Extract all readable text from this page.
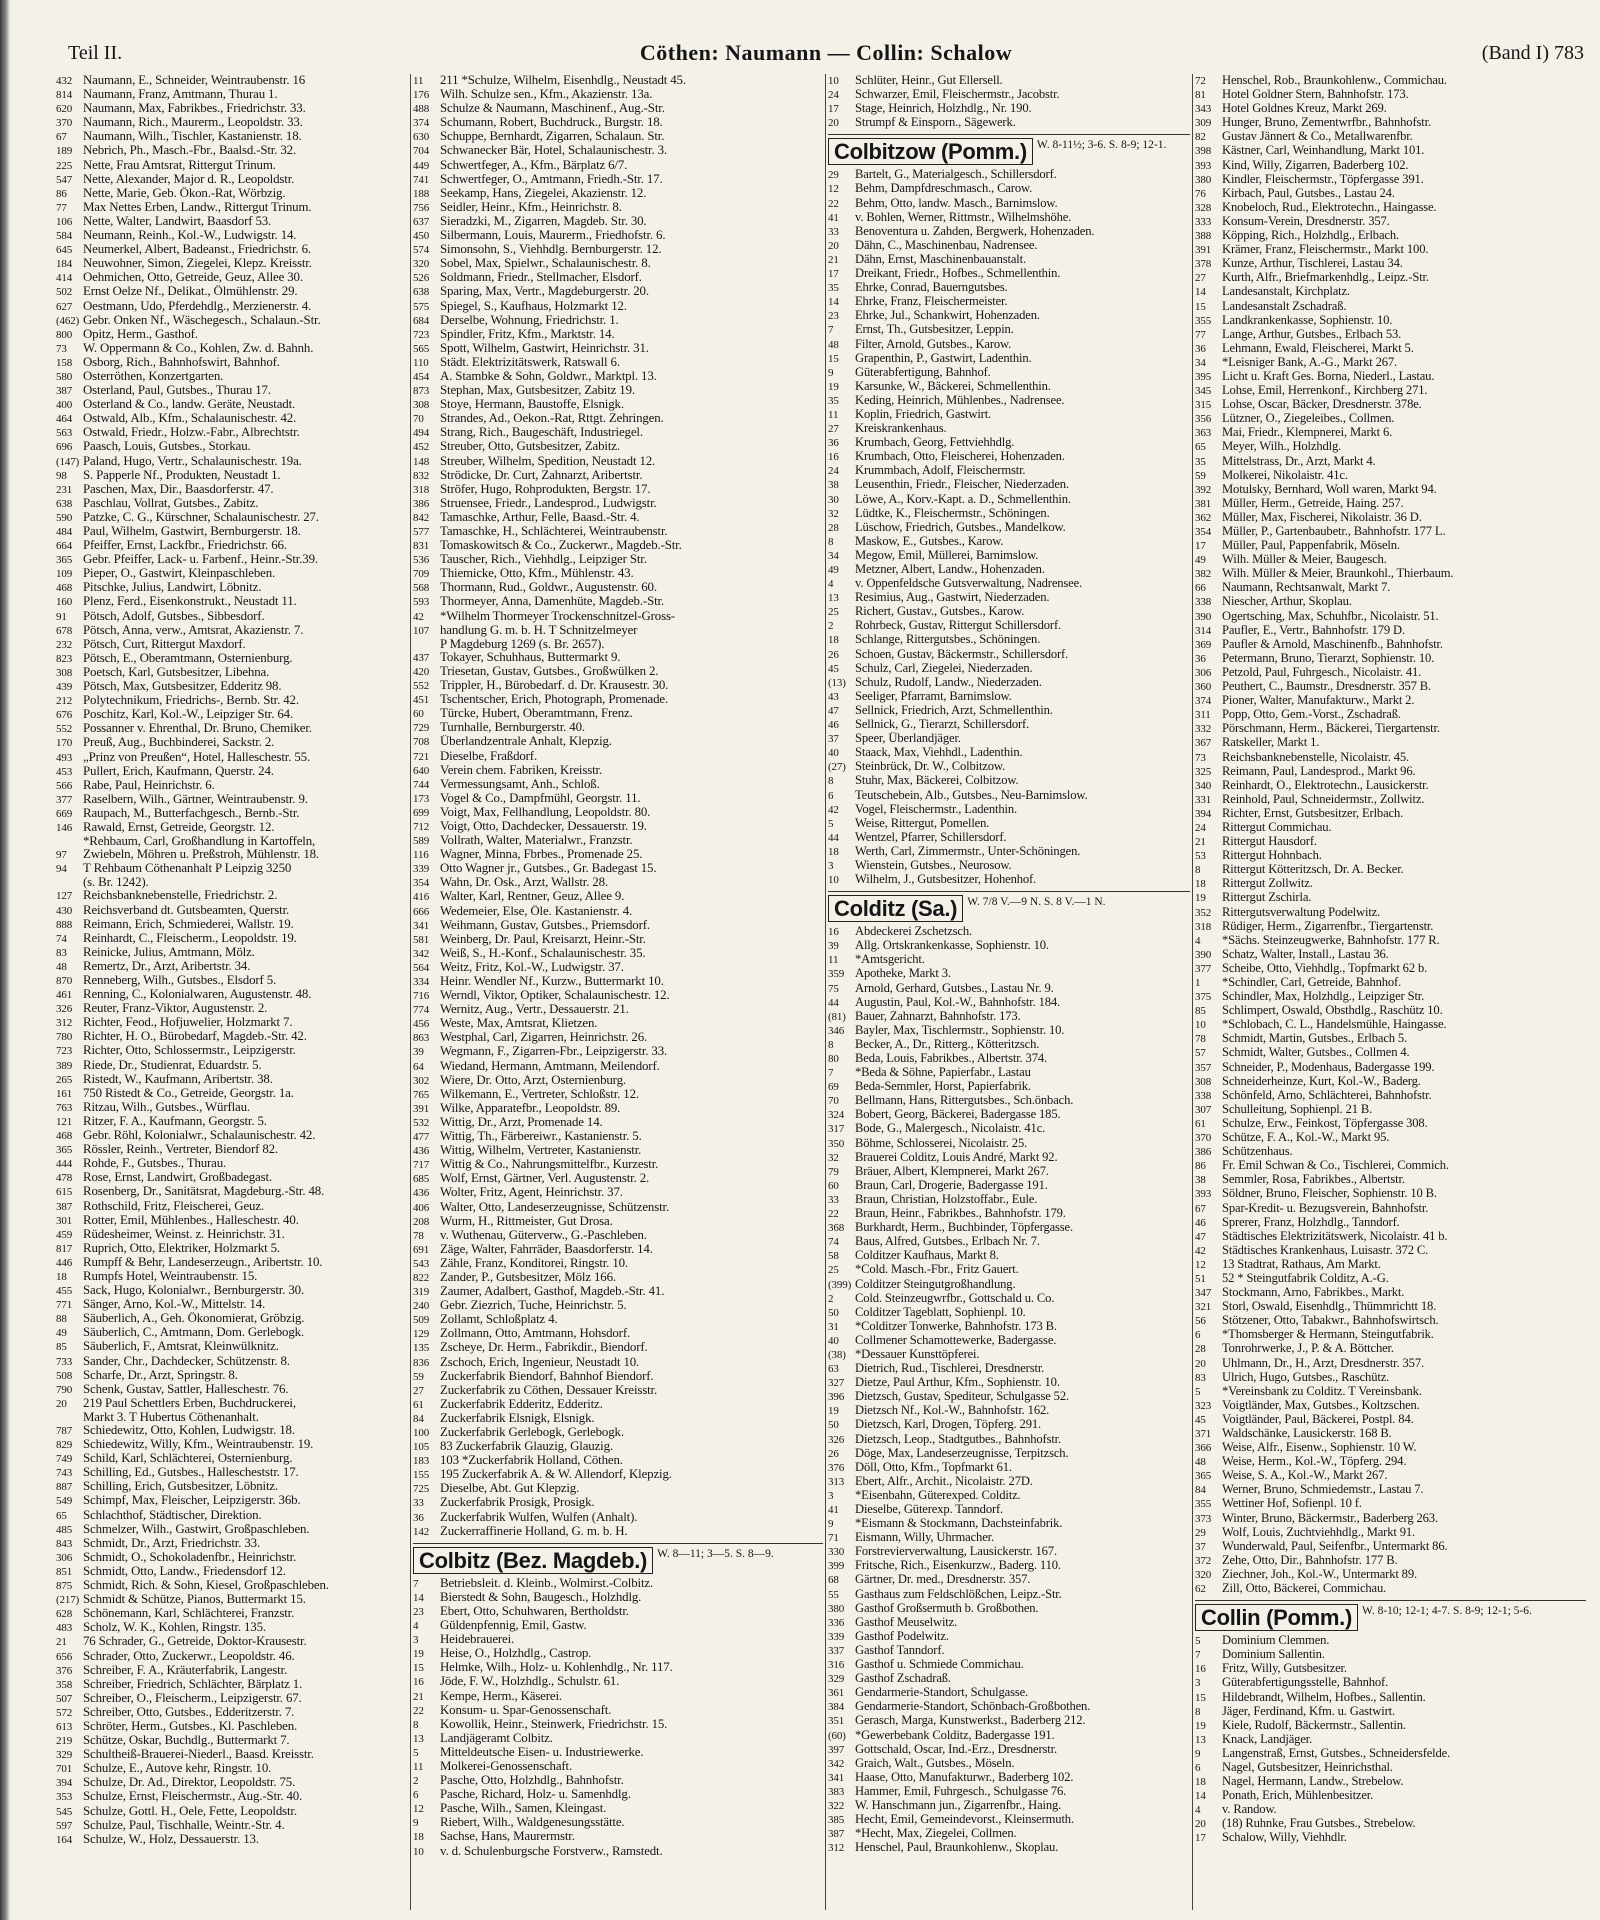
Teil II.	Cöthen: Naumann — Collin: Schalow	(Band I) 783
432 Naumann, E., Schneider, Weintraubenstr. 16
814 Naumann, Franz, Amtmann, Thurau 1.
620 Naumann, Max, Fabrikbes., Friedrichstr. 33.
370 Naumann, Rich., Maurerm., Leopoldstr. 33.
67 Naumann, Wilh., Tischler, Kastanienstr. 18.
189 Nebrich, Ph., Masch.-Fbr., Baalsd.-Str. 32.
225 Nette, Frau Amtsrat, Rittergut Trinum.
547 Nette, Alexander, Major d. R., Leopoldstr.
86 Nette, Marie, Geb. Ökon.-Rat, Wörbzig.
77 Max Nettes Erben, Landw., Rittergut Trinum.
106 Nette, Walter, Landwirt, Baasdorf 53.
584 Neumann, Reinh., Kol.-W., Ludwigstr. 14.
645 Neumerkel, Albert, Badeanst., Friedrichstr. 6.
184 Neuwohner, Simon, Ziegelei, Klepz. Kreisstr.
414 Oehmichen, Otto, Getreide, Geuz, Allee 30.
502 Ernst Oelze Nf., Delikat., Ölmühlenstr. 29.
627 Oestmann, Udo, Pferdehdlg., Merzienerstr. 4.
(462) Gebr. Onken Nf., Wäschegesch., Schalaun.-Str.
800 Opitz, Herm., Gasthof.
73 W. Oppermann & Co., Kohlen, Zw. d. Bahnh.
158 Osborg, Rich., Bahnhofswirt, Bahnhof.
580 Osterröthen, Konzertgarten.
387 Osterland, Paul, Gutsbes., Thurau 17.
400 Osterland & Co., landw. Geräte, Neustadt.
464 Ostwald, Alb., Kfm., Schalaunischestr. 42.
563 Ostwald, Friedr., Holzw.-Fabr., Albrechtstr.
696 Paasch, Louis, Gutsbes., Storkau.
(147) Paland, Hugo, Vertr., Schalaunischestr. 19a.
98 S. Papperle Nf., Produkten, Neustadt 1.
231 Paschen, Max, Dir., Baasdorferstr. 47.
638 Paschlau, Vollrat, Gutsbes., Zabitz.
590 Patzke, C. G., Kürschner, Schalaunischestr. 27.
484 Paul, Wilhelm, Gastwirt, Bernburgerstr. 18.
664 Pfeiffer, Ernst, Lackfbr., Friedrichstr. 66.
365 Gebr. Pfeiffer, Lack- u. Farbenf., Heinr.-Str.39.
109 Pieper, O., Gastwirt, Kleinpaschleben.
468 Pitschke, Julius, Landwirt, Löbnitz.
160 Plenz, Ferd., Eisenkonstrukt., Neustadt 11.
91 Pötsch, Adolf, Gutsbes., Sibbesdorf.
678 Pötsch, Anna, verw., Amtsrat, Akazienstr. 7.
232 Pötsch, Curt, Rittergut Maxdorf.
823 Pötsch, E., Oberamtmann, Osternienburg.
308 Poetsch, Karl, Gutsbesitzer, Libehna.
439 Pötsch, Max, Gutsbesitzer, Edderitz 98.
212 Polytechnikum, Friedrichs-, Bernb. Str. 42.
676 Poschitz, Karl, Kol.-W., Leipziger Str. 64.
552 Possanner v. Ehrenthal, Dr. Bruno, Chemiker.
170 Preuß, Aug., Buchbinderei, Sackstr. 2.
493 „Prinz von Preußen“, Hotel, Halleschestr. 55.
453 Pullert, Erich, Kaufmann, Querstr. 24.
566 Rabe, Paul, Heinrichstr. 6.
377 Raselbern, Wilh., Gärtner, Weintraubenstr. 9.
669 Raupach, M., Butterfachgesch., Bernb.-Str.
146 Rawald, Ernst, Getreide, Georgstr. 12.
*Rehbaum, Carl, Großhandlung in Kartoffeln,
97 Zwiebeln, Möhren u. Preßstroh, Mühlenstr. 18.
94 T Rehbaum Cöthenanhalt P Leipzig 3250
(s. Br. 1242).
127 Reichsbanknebenstelle, Friedrichstr. 2.
430 Reichsverband dt. Gutsbeamten, Querstr.
888 Reimann, Erich, Schmiederei, Wallstr. 19.
74 Reinhardt, C., Fleischerm., Leopoldstr. 19.
83 Reinicke, Julius, Amtmann, Mölz.
48 Remertz, Dr., Arzt, Aribertstr. 34.
870 Renneberg, Wilh., Gutsbes., Elsdorf 5.
461 Renning, C., Kolonialwaren, Augustenstr. 48.
326 Reuter, Franz-Viktor, Augustenstr. 2.
312 Richter, Feod., Hofjuwelier, Holzmarkt 7.
780 Richter, H. O., Bürobedarf, Magdeb.-Str. 42.
723 Richter, Otto, Schlossermstr., Leipzigerstr.
389 Riede, Dr., Studienrat, Eduardstr. 5.
265 Ristedt, W., Kaufmann, Aribertstr. 38.
161 750 Ristedt & Co., Getreide, Georgstr. 1a.
763 Ritzau, Wilh., Gutsbes., Würflau.
121 Ritzer, F. A., Kaufmann, Georgstr. 5.
468 Gebr. Röhl, Kolonialwr., Schalaunischestr. 42.
365 Rössler, Reinh., Vertreter, Biendorf 82.
444 Rohde, F., Gutsbes., Thurau.
478 Rose, Ernst, Landwirt, Großbadegast.
615 Rosenberg, Dr., Sanitätsrat, Magdeburg.-Str. 48.
387 Rothschild, Fritz, Fleischerei, Geuz.
301 Rotter, Emil, Mühlenbes., Halleschestr. 40.
459 Rüdesheimer, Weinst. z. Heinrichstr. 31.
817 Ruprich, Otto, Elektriker, Holzmarkt 5.
446 Rumpff & Behr, Landeserzeugn., Aribertstr. 10.
18 Rumpfs Hotel, Weintraubenstr. 15.
455 Sack, Hugo, Kolonialwr., Bernburgerstr. 30.
771 Sänger, Arno, Kol.-W., Mittelstr. 14.
88 Säuberlich, A., Geh. Ökonomierat, Gröbzig.
49 Säuberlich, C., Amtmann, Dom. Gerlebogk.
85 Säuberlich, F., Amtsrat, Kleinwülknitz.
733 Sander, Chr., Dachdecker, Schützenstr. 8.
508 Scharfe, Dr., Arzt, Springstr. 8.
790 Schenk, Gustav, Sattler, Halleschestr. 76.
20 219 Paul Schettlers Erben, Buchdruckerei,
Markt 3. T Hubertus Cöthenanhalt.
787 Schiedewitz, Otto, Kohlen, Ludwigstr. 18.
829 Schiedewitz, Willy, Kfm., Weintraubenstr. 19.
749 Schild, Karl, Schlächterei, Osternienburg.
743 Schilling, Ed., Gutsbes., Hallescheststr. 17.
887 Schilling, Erich, Gutsbesitzer, Löbnitz.
549 Schimpf, Max, Fleischer, Leipzigerstr. 36b.
65 Schlachthof, Städtischer, Direktion.
485 Schmelzer, Wilh., Gastwirt, Großpaschleben.
843 Schmidt, Dr., Arzt, Friedrichstr. 33.
306 Schmidt, O., Schokoladenfbr., Heinrichstr.
851 Schmidt, Otto, Landw., Friedensdorf 12.
875 Schmidt, Rich. & Sohn, Kiesel, Großpaschleben.
(217) Schmidt & Schütze, Pianos, Buttermarkt 15.
628 Schönemann, Karl, Schlächterei, Franzstr.
483 Scholz, W. K., Kohlen, Ringstr. 135.
21 76 Schrader, G., Getreide, Doktor-Krausestr.
656 Schrader, Otto, Zuckerwr., Leopoldstr. 46.
376 Schreiber, F. A., Kräuterfabrik, Langestr.
358 Schreiber, Friedrich, Schlächter, Bärplatz 1.
507 Schreiber, O., Fleischerm., Leipzigerstr. 67.
572 Schreiber, Otto, Gutsbes., Edderitzerstr. 7.
613 Schröter, Herm., Gutsbes., Kl. Paschleben.
219 Schütze, Oskar, Buchdlg., Buttermarkt 7.
329 Schultheiß-Brauerei-Niederl., Baasd. Kreisstr.
701 Schulze, E., Autove kehr, Ringstr. 10.
394 Schulze, Dr. Ad., Direktor, Leopoldstr. 75.
353 Schulze, Ernst, Fleischermstr., Aug.-Str. 40.
545 Schulze, Gottl. H., Oele, Fette, Leopoldstr.
597 Schulze, Paul, Tischhalle, Weintr.-Str. 4.
164 Schulze, W., Holz, Dessauerstr. 13.
11 211 *Schulze, Wilhelm, Eisenhdlg., Neustadt 45.
176 Wilh. Schulze sen., Kfm., Akazienstr. 13a.
488 Schulze & Naumann, Maschinenf., Aug.-Str.
374 Schumann, Robert, Buchdruck., Burgstr. 18.
630 Schuppe, Bernhardt, Zigarren, Schalaun. Str.
704 Schwanecker Bär, Hotel, Schalaunischestr. 3.
449 Schwertfeger, A., Kfm., Bärplatz 6/7.
741 Schwertfeger, O., Amtmann, Friedh.-Str. 17.
188 Seekamp, Hans, Ziegelei, Akazienstr. 12.
756 Seidler, Heinr., Kfm., Heinrichstr. 8.
637 Sieradzki, M., Zigarren, Magdeb. Str. 30.
450 Silbermann, Louis, Maurerm., Friedhofstr. 6.
574 Simonsohn, S., Viehhdlg. Bernburgerstr. 12.
320 Sobel, Max, Spielwr., Schalaunischestr. 8.
526 Soldmann, Friedr., Stellmacher, Elsdorf.
638 Sparing, Max, Vertr., Magdeburgerstr. 20.
575 Spiegel, S., Kaufhaus, Holzmarkt 12.
684 Derselbe, Wohnung, Friedrichstr. 1.
723 Spindler, Fritz, Kfm., Marktstr. 14.
565 Spott, Wilhelm, Gastwirt, Heinrichstr. 31.
110 Städt. Elektrizitätswerk, Ratswall 6.
454 A. Stambke & Sohn, Goldwr., Marktpl. 13.
873 Stephan, Max, Gutsbesitzer, Zabitz 19.
308 Stoye, Hermann, Baustoffe, Elsnigk.
70 Strandes, Ad., Oekon.-Rat, Rttgt. Zehringen.
494 Strang, Rich., Baugeschäft, Industriegel.
452 Streuber, Otto, Gutsbesitzer, Zabitz.
148 Streuber, Wilhelm, Spedition, Neustadt 12.
832 Strödicke, Dr. Curt, Zahnarzt, Aribertstr.
318 Ströfer, Hugo, Rohprodukten, Bergstr. 17.
386 Struensee, Friedr., Landesprod., Ludwigstr.
842 Tamaschke, Arthur, Felle, Baasd.-Str. 4.
577 Tamaschke, H., Schlächterei, Weintraubenstr.
831 Tomaskowitsch & Co., Zuckerwr., Magdeb.-Str.
536 Tauscher, Rich., Viehhdlg., Leipziger Str.
709 Thiemicke, Otto, Kfm., Mühlenstr. 43.
568 Thormann, Rud., Goldwr., Augustenstr. 60.
593 Thormeyer, Anna, Damenhüte, Magdeb.-Str.
42 *Wilhelm Thormeyer Trockenschnitzel-Gross-
107 handlung G. m. b. H. T Schnitzelmeyer
P Magdeburg 1269 (s. Br. 2657).
437 Tokayer, Schuhhaus, Buttermarkt 9.
420 Triesetan, Gustav, Gutsbes., Großwülken 2.
552 Trippler, H., Bürobedarf. d. Dr. Krausestr. 30.
451 Tschentscher, Erich, Photograph, Promenade.
60 Türcke, Hubert, Oberamtmann, Frenz.
729 Turnhalle, Bernburgerstr. 40.
708 Überlandzentrale Anhalt, Klepzig.
721 Dieselbe, Fraßdorf.
640 Verein chem. Fabriken, Kreisstr.
744 Vermessungsamt, Anh., Schloß.
173 Vogel & Co., Dampfmühl, Georgstr. 11.
699 Voigt, Max, Fellhandlung, Leopoldstr. 80.
712 Voigt, Otto, Dachdecker, Dessauerstr. 19.
589 Vollrath, Walter, Materialwr., Franzstr.
116 Wagner, Minna, Fbrbes., Promenade 25.
339 Otto Wagner jr., Gutsbes., Gr. Badegast 15.
354 Wahn, Dr. Osk., Arzt, Wallstr. 28.
416 Walter, Karl, Rentner, Geuz, Allee 9.
666 Wedemeier, Else, Öle. Kastanienstr. 4.
341 Weihmann, Gustav, Gutsbes., Priemsdorf.
581 Weinberg, Dr. Paul, Kreisarzt, Heinr.-Str.
342 Weiß, S., H.-Konf., Schalaunischestr. 35.
564 Weitz, Fritz, Kol.-W., Ludwigstr. 37.
334 Heinr. Wendler Nf., Kurzw., Buttermarkt 10.
716 Werndl, Viktor, Optiker, Schalaunischestr. 12.
774 Wernitz, Aug., Vertr., Dessauerstr. 21.
456 Weste, Max, Amtsrat, Klietzen.
863 Westphal, Carl, Zigarren, Heinrichstr. 26.
39 Wegmann, F., Zigarren-Fbr., Leipzigerstr. 33.
64 Wiedand, Hermann, Amtmann, Meilendorf.
302 Wiere, Dr. Otto, Arzt, Osternienburg.
765 Wilkemann, E., Vertreter, Schloßstr. 12.
391 Wilke, Apparatefbr., Leopoldstr. 89.
532 Wittig, Dr., Arzt, Promenade 14.
477 Wittig, Th., Färbereiwr., Kastanienstr. 5.
436 Wittig, Wilhelm, Vertreter, Kastanienstr.
717 Wittig & Co., Nahrungsmittelfbr., Kurzestr.
685 Wolf, Ernst, Gärtner, Verl. Augustenstr. 2.
436 Wolter, Fritz, Agent, Heinrichstr. 37.
406 Walter, Otto, Landeserzeugnisse, Schützenstr.
208 Wurm, H., Rittmeister, Gut Drosa.
78 v. Wuthenau, Güterverw., G.-Paschleben.
691 Zäge, Walter, Fahrräder, Baasdorferstr. 14.
543 Zähle, Franz, Konditorei, Ringstr. 10.
822 Zander, P., Gutsbesitzer, Mölz 166.
319 Zaumer, Adalbert, Gasthof, Magdeb.-Str. 41.
240 Gebr. Ziezrich, Tuche, Heinrichstr. 5.
509 Zollamt, Schloßplatz 4.
129 Zollmann, Otto, Amtmann, Hohsdorf.
135 Zscheye, Dr. Herm., Fabrikdir., Biendorf.
836 Zschoch, Erich, Ingenieur, Neustadt 10.
59 Zuckerfabrik Biendorf, Bahnhof Biendorf.
27 Zuckerfabrik zu Cöthen, Dessauer Kreisstr.
61 Zuckerfabrik Edderitz, Edderitz.
84 Zuckerfabrik Elsnigk, Elsnigk.
100 Zuckerfabrik Gerlebogk, Gerlebogk.
105 83 Zuckerfabrik Glauzig, Glauzig.
183 103 *Zuckerfabrik Holland, Cöthen.
155 195 Zuckerfabrik A. & W. Allendorf, Klepzig.
725 Dieselbe, Abt. Gut Klepzig.
33 Zuckerfabrik Prosigk, Prosigk.
36 Zuckerfabrik Wulfen, Wulfen (Anhalt).
142 Zuckerraffinerie Holland, G. m. b. H.
Colbitz (Bez. Magdeb.) W. 8—11; 3—5. S. 8—9.
7 Betriebsleit. d. Kleinb., Wolmirst.-Colbitz.
14 Bierstedt & Sohn, Baugesch., Holzhdlg.
23 Ebert, Otto, Schuhwaren, Bertholdstr.
4 Güldenpfennig, Emil, Gastw.
3 Heidebrauerei.
19 Heise, O., Holzhdlg., Castrop.
15 Helmke, Wilh., Holz- u. Kohlenhdlg., Nr. 117.
16 Jöde, F. W., Holzhdlg., Schulstr. 61.
21 Kempe, Herm., Käserei.
22 Konsum- u. Spar-Genossenschaft.
8 Kowollik, Heinr., Steinwerk, Friedrichstr. 15.
13 Landjägeramt Colbitz.
5 Mitteldeutsche Eisen- u. Industriewerke.
11 Molkerei-Genossenschaft.
2 Pasche, Otto, Holzhdlg., Bahnhofstr.
6 Pasche, Richard, Holz- u. Samenhdlg.
12 Pasche, Wilh., Samen, Kleingast.
9 Riebert, Wilh., Waldgenesungsstätte.
18 Sachse, Hans, Maurermstr.
10 v. d. Schulenburgsche Forstverw., Ramstedt.
10 Schlüter, Heinr., Gut Ellersell.
24 Schwarzer, Emil, Fleischermstr., Jacobstr.
17 Stage, Heinrich, Holzhdlg., Nr. 190.
20 Strumpf & Einsporn., Sägewerk.
Colbitzow (Pomm.) W. 8-11½; 3-6. S. 8-9; 12-1.
29 Bartelt, G., Materialgesch., Schillersdorf.
12 Behm, Dampfdreschmasch., Carow.
22 Behm, Otto, landw. Masch., Barnimslow.
41 v. Bohlen, Werner, Rittmstr., Wilhelmshöhe.
33 Benoventura u. Zahden, Bergwerk, Hohenzaden.
20 Dähn, C., Maschinenbau, Nadrensee.
21 Dähn, Ernst, Maschinenbauanstalt.
17 Dreikant, Friedr., Hofbes., Schmellenthin.
35 Ehrke, Conrad, Bauerngutsbes.
14 Ehrke, Franz, Fleischermeister.
23 Ehrke, Jul., Schankwirt, Hohenzaden.
7 Ernst, Th., Gutsbesitzer, Leppin.
48 Filter, Arnold, Gutsbes., Karow.
15 Grapenthin, P., Gastwirt, Ladenthin.
9 Güterabfertigung, Bahnhof.
19 Karsunke, W., Bäckerei, Schmellenthin.
35 Keding, Heinrich, Mühlenbes., Nadrensee.
11 Koplin, Friedrich, Gastwirt.
27 Kreiskrankenhaus.
36 Krumbach, Georg, Fettviehhdlg.
16 Krumbach, Otto, Fleischerei, Hohenzaden.
24 Krummbach, Adolf, Fleischermstr.
38 Leusenthin, Friedr., Fleischer, Niederzaden.
30 Löwe, A., Korv.-Kapt. a. D., Schmellenthin.
32 Lüdtke, K., Fleischermstr., Schöningen.
28 Lüschow, Friedrich, Gutsbes., Mandelkow.
8 Maskow, E., Gutsbes., Karow.
34 Megow, Emil, Müllerei, Barnimslow.
49 Metzner, Albert, Landw., Hohenzaden.
4 v. Oppenfeldsche Gutsverwaltung, Nadrensee.
13 Resimius, Aug., Gastwirt, Niederzaden.
25 Richert, Gustav., Gutsbes., Karow.
2 Rohrbeck, Gustav, Rittergut Schillersdorf.
18 Schlange, Rittergutsbes., Schöningen.
26 Schoen, Gustav, Bäckermstr., Schillersdorf.
45 Schulz, Carl, Ziegelei, Niederzaden.
(13) Schulz, Rudolf, Landw., Niederzaden.
43 Seeliger, Pfarramt, Barnimslow.
47 Sellnick, Friedrich, Arzt, Schmellenthin.
46 Sellnick, G., Tierarzt, Schillersdorf.
37 Speer, Überlandjäger.
40 Staack, Max, Viehhdl., Ladenthin.
(27) Steinbrück, Dr. W., Colbitzow.
8 Stuhr, Max, Bäckerei, Colbitzow.
6 Teutschebein, Alb., Gutsbes., Neu-Barnimslow.
42 Vogel, Fleischermstr., Ladenthin.
5 Weise, Rittergut, Pomellen.
44 Wentzel, Pfarrer, Schillersdorf.
18 Werth, Carl, Zimmermstr., Unter-Schöningen.
3 Wienstein, Gutsbes., Neurosow.
10 Wilhelm, J., Gutsbesitzer, Hohenhof.
Colditz (Sa.) W. 7/8 V.—9 N. S. 8 V.—1 N.
16 Abdeckerei Zschetzsch.
39 Allg. Ortskrankenkasse, Sophienstr. 10.
11 *Amtsgericht.
359 Apotheke, Markt 3.
75 Arnold, Gerhard, Gutsbes., Lastau Nr. 9.
44 Augustin, Paul, Kol.-W., Bahnhofstr. 184.
(81) Bauer, Zahnarzt, Bahnhofstr. 173.
346 Bayler, Max, Tischlermstr., Sophienstr. 10.
8 Becker, A., Dr., Ritterg., Kötteritzsch.
80 Beda, Louis, Fabrikbes., Albertstr. 374.
7 *Beda & Söhne, Papierfabr., Lastau
69 Beda-Semmler, Horst, Papierfabrik.
70 Bellmann, Hans, Rittergutsbes., Sch.önbach.
324 Bobert, Georg, Bäckerei, Badergasse 185.
317 Bode, G., Malergesch., Nicolaistr. 41c.
350 Böhme, Schlosserei, Nicolaistr. 25.
32 Brauerei Colditz, Louis André, Markt 92.
79 Bräuer, Albert, Klempnerei, Markt 267.
60 Braun, Carl, Drogerie, Badergasse 191.
33 Braun, Christian, Holzstoffabr., Eule.
22 Braun, Heinr., Fabrikbes., Bahnhofstr. 179.
368 Burkhardt, Herm., Buchbinder, Töpfergasse.
74 Baus, Alfred, Gutsbes., Erlbach Nr. 7.
58 Colditzer Kaufhaus, Markt 8.
25 *Cold. Masch.-Fbr., Fritz Gauert.
(399) Colditzer Steingutgroßhandlung.
2 Cold. Steinzeugwrfbr., Gottschald u. Co.
50 Colditzer Tageblatt, Sophienpl. 10.
31 *Colditzer Tonwerke, Bahnhofstr. 173 B.
40 Collmener Schamottewerke, Badergasse.
(38) *Dessauer Kunsttöpferei.
63 Dietrich, Rud., Tischlerei, Dresdnerstr.
327 Dietze, Paul Arthur, Kfm., Sophienstr. 10.
396 Dietzsch, Gustav, Spediteur, Schulgasse 52.
19 Dietzsch Nf., Kol.-W., Bahnhofstr. 162.
50 Dietzsch, Karl, Drogen, Töpferg. 291.
326 Dietzsch, Leop., Stadtgutbes., Bahnhofstr.
26 Döge, Max, Landeserzeugnisse, Terpitzsch.
376 Döll, Otto, Kfm., Topfmarkt 61.
313 Ebert, Alfr., Archit., Nicolaistr. 27D.
3 *Eisenbahn, Güterexped. Colditz.
41 Dieselbe, Güterexp. Tanndorf.
9 *Eismann & Stockmann, Dachsteinfabrik.
71 Eismann, Willy, Uhrmacher.
330 Forstrevierverwaltung, Lausickerstr. 167.
399 Fritsche, Rich., Eisenkurzw., Baderg. 110.
68 Gärtner, Dr. med., Dresdnerstr. 357.
55 Gasthaus zum Feldschlößchen, Leipz.-Str.
380 Gasthof Großsermuth b. Großbothen.
336 Gasthof Meuselwitz.
339 Gasthof Podelwitz.
337 Gasthof Tanndorf.
316 Gasthof u. Schmiede Commichau.
329 Gasthof Zschadraß.
361 Gendarmerie-Standort, Schulgasse.
384 Gendarmerie-Standort, Schönbach-Großbothen.
351 Gerasch, Marga, Kunstwerkst., Baderberg 212.
(60) *Gewerbebank Colditz, Badergasse 191.
397 Gottschald, Oscar, Ind.-Erz., Dresdnerstr.
342 Graich, Walt., Gutsbes., Möseln.
341 Haase, Otto, Manufakturwr., Baderberg 102.
383 Hammer, Emil, Fuhrgesch., Schulgasse 76.
322 W. Hanschmann jun., Zigarrenfbr., Haing.
385 Hecht, Emil, Gemeindevorst., Kleinsermuth.
387 *Hecht, Max, Ziegelei, Collmen.
312 Henschel, Paul, Braunkohlenw., Skoplau.
72 Henschel, Rob., Braunkohlenw., Commichau.
81 Hotel Goldner Stern, Bahnhofstr. 173.
343 Hotel Goldnes Kreuz, Markt 269.
309 Hunger, Bruno, Zementwrfbr., Bahnhofstr.
82 Gustav Jännert & Co., Metallwarenfbr.
398 Kästner, Carl, Weinhandlung, Markt 101.
393 Kind, Willy, Zigarren, Baderberg 102.
380 Kindler, Fleischermstr., Töpfergasse 391.
76 Kirbach, Paul, Gutsbes., Lastau 24.
328 Knobeloch, Rud., Elektrotechn., Haingasse.
333 Konsum-Verein, Dresdnerstr. 357.
388 Köpping, Rich., Holzhdlg., Erlbach.
391 Krämer, Franz, Fleischermstr., Markt 100.
378 Kunze, Arthur, Tischlerei, Lastau 34.
27 Kurth, Alfr., Briefmarkenhdlg., Leipz.-Str.
14 Landesanstalt, Kirchplatz.
15 Landesanstalt Zschadraß.
355 Landkrankenkasse, Sophienstr. 10.
77 Lange, Arthur, Gutsbes., Erlbach 53.
36 Lehmann, Ewald, Fleischerei, Markt 5.
34 *Leisniger Bank, A.-G., Markt 267.
395 Licht u. Kraft Ges. Borna, Niederl., Lastau.
345 Lohse, Emil, Herrenkonf., Kirchberg 271.
315 Lohse, Oscar, Bäcker, Dresdnerstr. 378e.
356 Lützner, O., Ziegeleibes., Collmen.
363 Mai, Friedr., Klempnerei, Markt 6.
65 Meyer, Wilh., Holzhdlg.
35 Mittelstrass, Dr., Arzt, Markt 4.
59 Molkerei, Nikolaistr. 41c.
392 Motulsky, Bernhard, Woll waren, Markt 94.
381 Müller, Herm., Getreide, Haing. 257.
362 Müller, Max, Fischerei, Nikolaistr. 36 D.
354 Müller, P., Gartenbaubetr., Bahnhofstr. 177 L.
17 Müller, Paul, Pappenfabrik, Möseln.
49 Wilh. Müller & Meier, Baugesch.
382 Wilh. Müller & Meier, Braunkohl., Thierbaum.
66 Naumann, Rechtsanwalt, Markt 7.
338 Niescher, Arthur, Skoplau.
390 Ogertsching, Max, Schuhfbr., Nicolaistr. 51.
314 Paufler, E., Vertr., Bahnhofstr. 179 D.
369 Paufler & Arnold, Maschinenfb., Bahnhofstr.
36 Petermann, Bruno, Tierarzt, Sophienstr. 10.
306 Petzold, Paul, Fuhrgesch., Nicolaistr. 41.
360 Peuthert, C., Baumstr., Dresdnerstr. 357 B.
374 Pioner, Walter, Manufakturw., Markt 2.
311 Popp, Otto, Gem.-Vorst., Zschadraß.
332 Pörschmann, Herm., Bäckerei, Tiergartenstr.
367 Ratskeller, Markt 1.
73 Reichsbanknebenstelle, Nicolaistr. 45.
325 Reimann, Paul, Landesprod., Markt 96.
340 Reinhardt, O., Elektrotechn., Lausickerstr.
331 Reinhold, Paul, Schneidermstr., Zollwitz.
394 Richter, Ernst, Gutsbesitzer, Erlbach.
24 Rittergut Commichau.
21 Rittergut Hausdorf.
53 Rittergut Hohnbach.
8 Rittergut Kötteritzsch, Dr. A. Becker.
18 Rittergut Zollwitz.
19 Rittergut Zschirla.
352 Rittergutsverwaltung Podelwitz.
318 Rüdiger, Herm., Zigarrenfbr., Tiergartenstr.
4 *Sächs. Steinzeugwerke, Bahnhofstr. 177 R.
390 Schatz, Walter, Install., Lastau 36.
377 Scheibe, Otto, Viehhdlg., Topfmarkt 62 b.
1 *Schindler, Carl, Getreide, Bahnhof.
375 Schindler, Max, Holzhdlg., Leipziger Str.
85 Schlimpert, Oswald, Obsthdlg., Raschütz 10.
10 *Schlobach, C. L., Handelsmühle, Haingasse.
78 Schmidt, Martin, Gutsbes., Erlbach 5.
57 Schmidt, Walter, Gutsbes., Collmen 4.
357 Schneider, P., Modenhaus, Badergasse 199.
308 Schneiderheinze, Kurt, Kol.-W., Baderg.
338 Schönfeld, Arno, Schlächterei, Bahnhofstr.
307 Schulleitung, Sophienpl. 21 B.
61 Schulze, Erw., Feinkost, Töpfergasse 308.
370 Schütze, F. A., Kol.-W., Markt 95.
386 Schützenhaus.
86 Fr. Emil Schwan & Co., Tischlerei, Commich.
38 Semmler, Rosa, Fabrikbes., Albertstr.
393 Söldner, Bruno, Fleischer, Sophienstr. 10 B.
67 Spar-Kredit- u. Bezugsverein, Bahnhofstr.
46 Sprerer, Franz, Holzhdlg., Tanndorf.
47 Städtisches Elektrizitätswerk, Nicolaistr. 41 b.
42 Städtisches Krankenhaus, Luisastr. 372 C.
12 13 Stadtrat, Rathaus, Am Markt.
51 52 * Steingutfabrik Colditz, A.-G.
347 Stockmann, Arno, Fabrikbes., Markt.
321 Storl, Oswald, Eisenhdlg., Thümmrichtt 18.
56 Stötzener, Otto, Tabakwr., Bahnhofswirtsch.
6 *Thomsberger & Hermann, Steingutfabrik.
28 Tonrohrwerke, J., P. & A. Böttcher.
20 Uhlmann, Dr., H., Arzt, Dresdnerstr. 357.
83 Ulrich, Hugo, Gutsbes., Raschütz.
5 *Vereinsbank zu Colditz. T Vereinsbank.
323 Voigtländer, Max, Gutsbes., Koltzschen.
45 Voigtländer, Paul, Bäckerei, Postpl. 84.
371 Waldschänke, Lausickerstr. 168 B.
366 Weise, Alfr., Eisenw., Sophienstr. 10 W.
48 Weise, Herm., Kol.-W., Töpferg. 294.
365 Weise, S. A., Kol.-W., Markt 267.
84 Werner, Bruno, Schmiedemstr., Lastau 7.
355 Wettiner Hof, Sofienpl. 10 f.
373 Winter, Bruno, Bäckermstr., Baderberg 263.
29 Wolf, Louis, Zuchtviehhdlg., Markt 91.
37 Wunderwald, Paul, Seifenfbr., Untermarkt 86.
372 Zehe, Otto, Dir., Bahnhofstr. 177 B.
320 Ziechner, Joh., Kol.-W., Untermarkt 89.
62 Zill, Otto, Bäckerei, Commichau.
Collin (Pomm.) W. 8-10; 12-1; 4-7. S. 8-9; 12-1; 5-6.
5 Dominium Clemmen.
7 Dominium Sallentin.
16 Fritz, Willy, Gutsbesitzer.
3 Güterabfertigungsstelle, Bahnhof.
15 Hildebrandt, Wilhelm, Hofbes., Sallentin.
8 Jäger, Ferdinand, Kfm. u. Gastwirt.
19 Kiele, Rudolf, Bäckermstr., Sallentin.
13 Knack, Landjäger.
9 Langenstraß, Ernst, Gutsbes., Schneidersfelde.
6 Nagel, Gutsbesitzer, Heinrichsthal.
18 Nagel, Hermann, Landw., Strebelow.
14 Ponath, Erich, Mühlenbesitzer.
4 v. Randow.
20 (18) Ruhnke, Frau Gutsbes., Strebelow.
17 Schalow, Willy, Viehhdlr.
